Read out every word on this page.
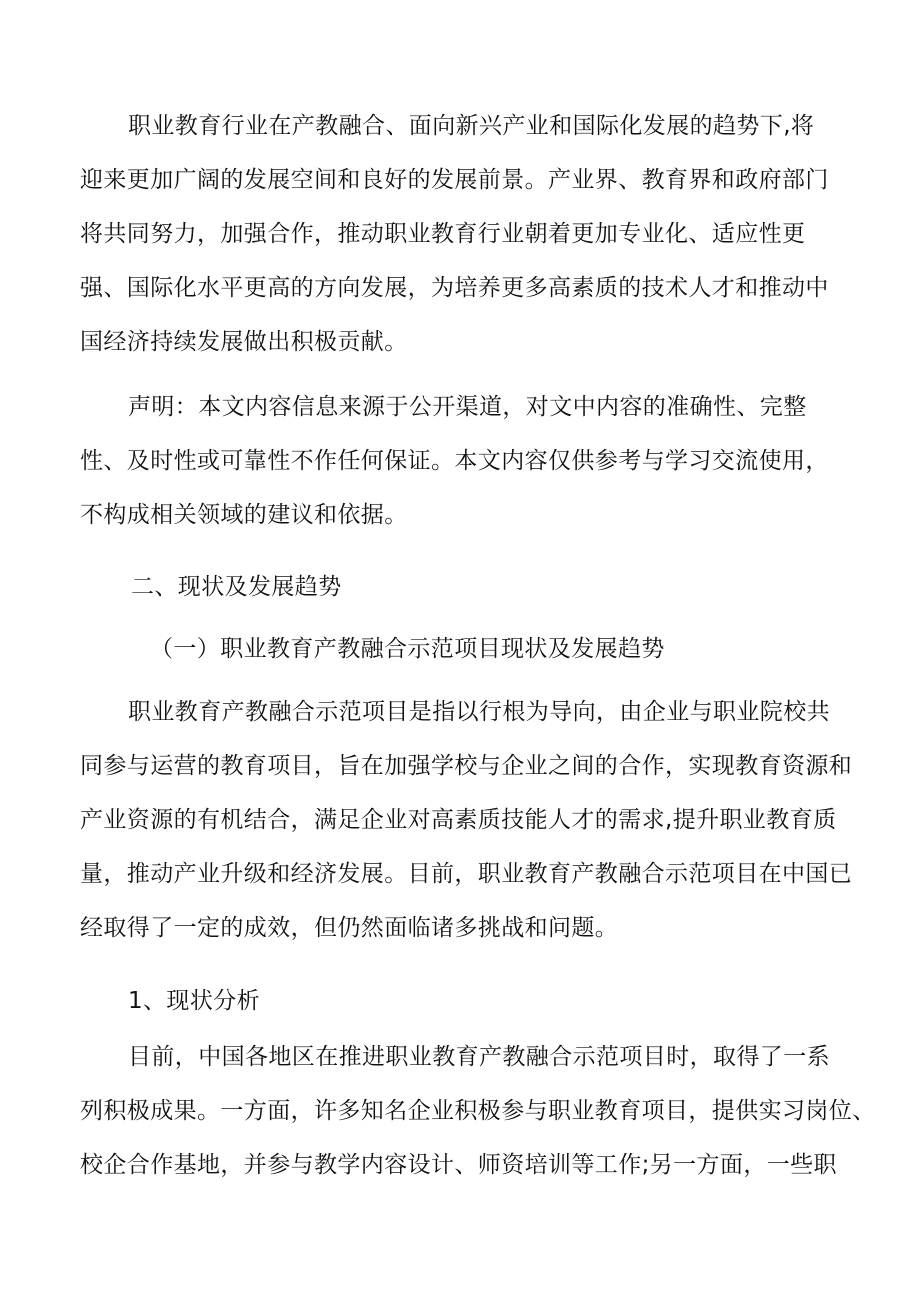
职业教育行业在产教融合、面向新兴产业和国际化发展的趋势下,将
迎来更加广阔的发展空间和良好的发展前景。产业界、教育界和政府部门
将共同努力，加强合作，推动职业教育行业朝着更加专业化、适应性更
强、国际化水平更高的方向发展，为培养更多高素质的技术人才和推动中
国经济持续发展做出积极贡献。
声明：本文内容信息来源于公开渠道，对文中内容的准确性、完整
性、及时性或可靠性不作任何保证。本文内容仅供参考与学习交流使用，
不构成相关领域的建议和依据。
二、现状及发展趋势
（一）职业教育产教融合示范项目现状及发展趋势
职业教育产教融合示范项目是指以行根为导向，由企业与职业院校共
同参与运营的教育项目，旨在加强学校与企业之间的合作，实现教育资源和
产业资源的有机结合，满足企业对高素质技能人才的需求,提升职业教育质
量，推动产业升级和经济发展。目前，职业教育产教融合示范项目在中国已
经取得了一定的成效，但仍然面临诸多挑战和问题。
1、现状分析
目前，中国各地区在推进职业教育产教融合示范项目时，取得了一系
列积极成果。一方面，许多知名企业积极参与职业教育项目，提供实习岗位、
校企合作基地，并参与教学内容设计、师资培训等工作;另一方面，一些职
